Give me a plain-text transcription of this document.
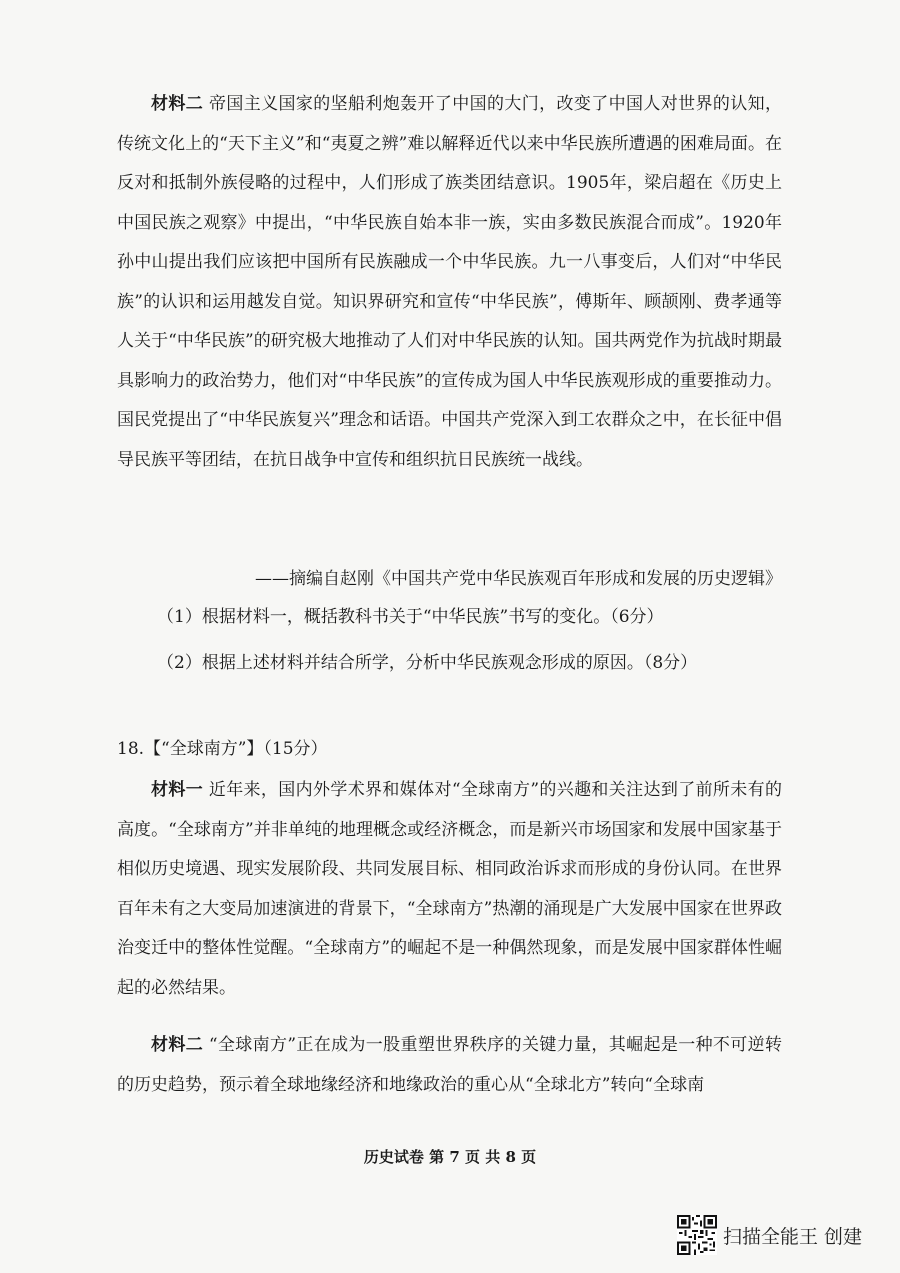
材料二 帝国主义国家的坚船利炮轰开了中国的大门，改变了中国人对世界的认知，传统文化上的“天下主义”和“夷夏之辨”难以解释近代以来中华民族所遭遇的困难局面。在反对和抵制外族侵略的过程中，人们形成了族类团结意识。1905年，梁启超在《历史上中国民族之观察》中提出，“中华民族自始本非一族，实由多数民族混合而成”。1920年孙中山提出我们应该把中国所有民族融成一个中华民族。九一八事变后，人们对“中华民族”的认识和运用越发自觉。知识界研究和宣传“中华民族”，傅斯年、顾颉刚、费孝通等人关于“中华民族”的研究极大地推动了人们对中华民族的认知。国共两党作为抗战时期最具影响力的政治势力，他们对“中华民族”的宣传成为国人中华民族观形成的重要推动力。国民党提出了“中华民族复兴”理念和话语。中国共产党深入到工农群众之中，在长征中倡导民族平等团结，在抗日战争中宣传和组织抗日民族统一战线。

——摘编自赵刚《中国共产党中华民族观百年形成和发展的历史逻辑》
（1）根据材料一，概括教科书关于“中华民族”书写的变化。（6分）
（2）根据上述材料并结合所学，分析中华民族观念形成的原因。（8分）
18.【“全球南方”】（15分）

材料一 近年来，国内外学术界和媒体对“全球南方”的兴趣和关注达到了前所未有的高度。“全球南方”并非单纯的地理概念或经济概念，而是新兴市场国家和发展中国家基于相似历史境遇、现实发展阶段、共同发展目标、相同政治诉求而形成的身份认同。在世界百年未有之大变局加速演进的背景下，“全球南方”热潮的涌现是广大发展中国家在世界政治变迁中的整体性觉醒。“全球南方”的崛起不是一种偶然现象，而是发展中国家群体性崛起的必然结果。

材料二 “全球南方”正在成为一股重塑世界秩序的关键力量，其崛起是一种不可逆转的历史趋势，预示着全球地缘经济和地缘政治的重心从“全球北方”转向“全球南

历史试卷 第 7 页 共 8 页
扫描全能王 创建
